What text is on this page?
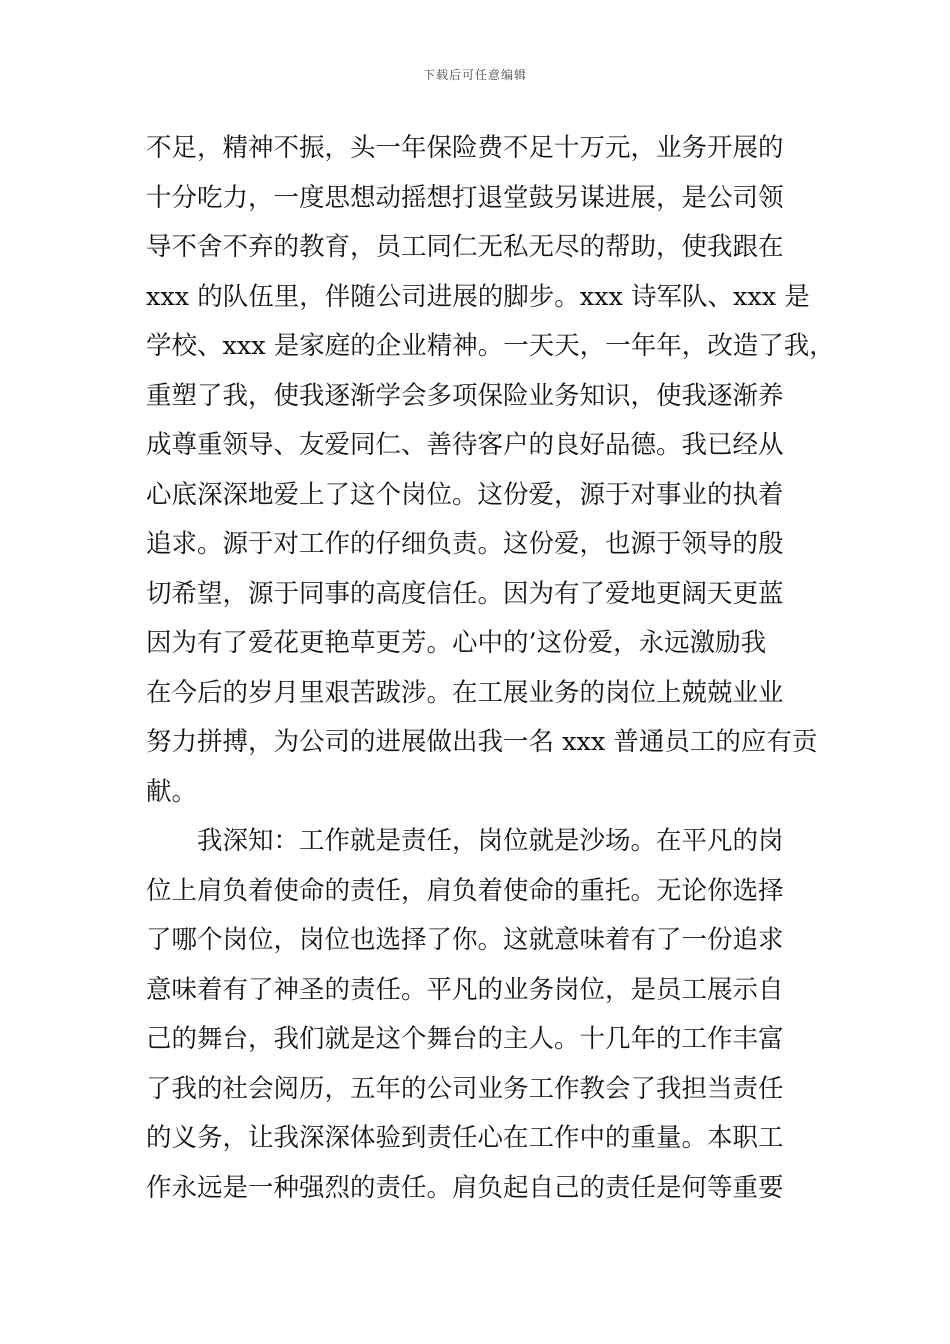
下载后可任意编辑
不足，精神不振，头一年保险费不足十万元，业务开展的
十分吃力，一度思想动摇想打退堂鼓另谋进展，是公司领
导不舍不弃的教育，员工同仁无私无尽的帮助，使我跟在
xxx 的队伍里，伴随公司进展的脚步。xxx 诗军队、xxx 是
学校、xxx 是家庭的企业精神。一天天，一年年，改造了我，
重塑了我，使我逐渐学会多项保险业务知识，使我逐渐养
成尊重领导、友爱同仁、善待客户的良好品德。我已经从
心底深深地爱上了这个岗位。这份爱，源于对事业的执着
追求。源于对工作的仔细负责。这份爱，也源于领导的殷
切希望，源于同事的高度信任。因为有了爱地更阔天更蓝
因为有了爱花更艳草更芳。心中的’这份爱，永远激励我
在今后的岁月里艰苦跋涉。在工展业务的岗位上兢兢业业
努力拼搏，为公司的进展做出我一名 xxx 普通员工的应有贡
献。
　　我深知：工作就是责任，岗位就是沙场。在平凡的岗
位上肩负着使命的责任，肩负着使命的重托。无论你选择
了哪个岗位，岗位也选择了你。这就意味着有了一份追求
意味着有了神圣的责任。平凡的业务岗位，是员工展示自
己的舞台，我们就是这个舞台的主人。十几年的工作丰富
了我的社会阅历，五年的公司业务工作教会了我担当责任
的义务，让我深深体验到责任心在工作中的重量。本职工
作永远是一种强烈的责任。肩负起自己的责任是何等重要
